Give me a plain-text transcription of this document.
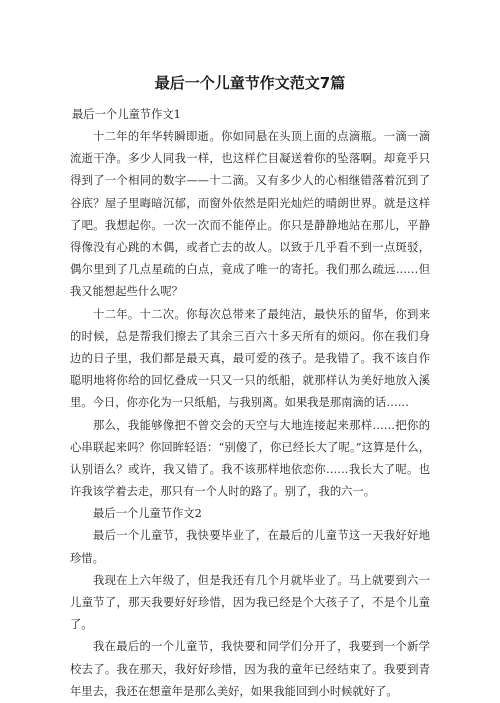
最后一个儿童节作文范文7篇

最后一个儿童节作文1

十二年的年华转瞬即逝。你如同悬在头顶上面的点滴瓶。一滴一滴流逝干净。多少人同我一样，也这样伫目凝送着你的坠落啊。却竟乎只得到了一个相同的数字——十二滴。又有多少人的心相继错落着沉到了谷底？屋子里晦暗沉郁，而窗外依然是阳光灿烂的晴朗世界。就是这样了吧。我想起你。一次一次而不能停止。你只是静静地站在那儿，平静得像没有心跳的木偶，或者亡去的故人。以致于几乎看不到一点斑驳，偶尔里到了几点星疏的白点，竟成了唯一的寄托。我们那么疏远……但我又能想起些什么呢？

十二年。十二次。你每次总带来了最纯洁，最快乐的留华，你到来的时候，总是帮我们擦去了其余三百六十多天所有的烦闷。你在我们身边的日子里，我们都是最天真，最可爱的孩子。是我错了。我不该自作聪明地将你给的回忆叠成一只又一只的纸船，就那样认为美好地放入溪里。今日，你亦化为一只纸船，与我别离。如果我是那南滴的话……

那么，我能够像把不曾交会的天空与大地连接起来那样……把你的心串联起来吗？你回眸轻语：“别傻了，你已经长大了呢。”这算是什么，认别语么？或许，我又错了。我不该那样地依恋你……我长大了呢。也许我该学着去走，那只有一个人时的路了。别了，我的六一。

最后一个儿童节作文2

最后一个儿童节，我快要毕业了，在最后的儿童节这一天我好好地珍惜。

我现在上六年级了，但是我还有几个月就毕业了。马上就要到六一儿童节了，那天我要好好珍惜，因为我已经是个大孩子了，不是个儿童了。

我在最后的一个儿童节，我快要和同学们分开了，我要到一个新学校去了。我在那天，我好好珍惜，因为我的童年已经结束了。我要到青年里去，我还在想童年是那么美好，如果我能回到小时候就好了。
